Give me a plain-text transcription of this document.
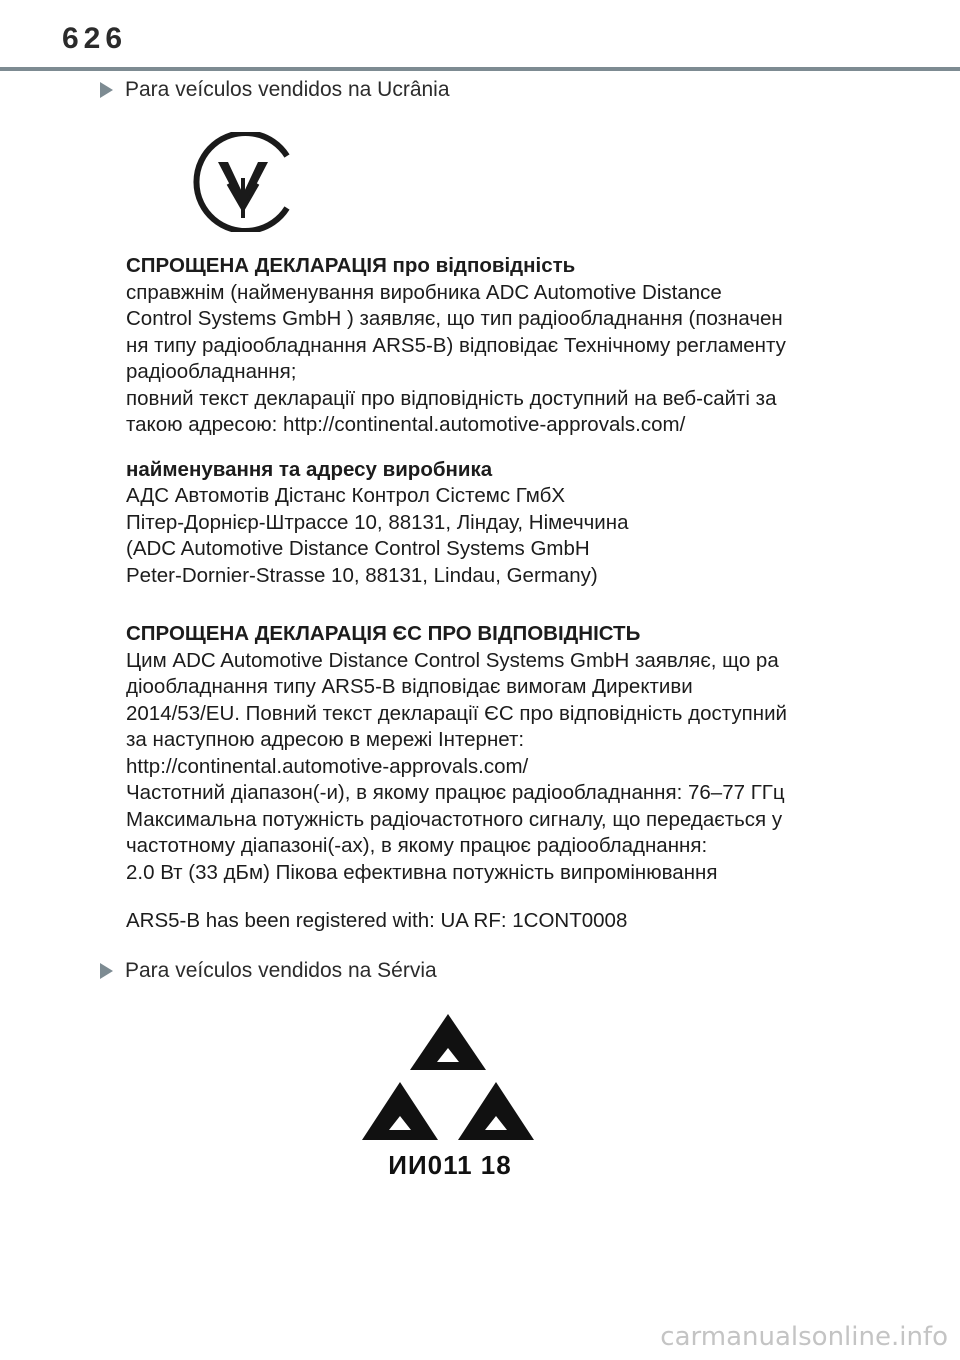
626
Para veículos vendidos na Ucrânia
СПРОЩЕНА ДЕКЛАРАЦІЯ про відповідність
справжнім (найменування виробника ADC Automotive Distance
Control Systems GmbH ) заявляє, що тип радіообладнання (позначен
ня типу радіообладнання ARS5-B) відповідає Технічному регламенту
радіообладнання;
повний текст декларації про відповідність доступний на веб-сайті за
такою адресою: http://continental.automotive-approvals.com/
найменування та адресу виробника
АДС Автомотів Дістанс Контрол Сістемс ГмбХ
Пітер-Дорнієр-Штрассе 10, 88131, Ліндау, Німеччина
(ADC Automotive Distance Control Systems GmbH
Peter-Dornier-Strasse 10, 88131, Lindau, Germany)
СПРОЩЕНА ДЕКЛАРАЦІЯ ЄС ПРО ВІДПОВІДНІСТЬ
Цим ADC Automotive Distance Control Systems GmbH заявляє, що ра
діообладнання типу ARS5-B відповідає вимогам Директиви
2014/53/EU. Повний текст декларації ЄС про відповідність доступний
за наступною адресою в мережі Інтернет:
http://continental.automotive-approvals.com/
Частотний діапазон(-и), в якому працює радіообладнання: 76–77 ГГц
Максимальна потужність радіочастотного сигналу, що передається у
частотному діапазоні(-ах), в якому працює радіообладнання:
2.0 Вт (33 дБм) Пікова ефективна потужність випромінювання
ARS5-B has been registered with: UA RF: 1CONT0008
Para veículos vendidos na Sérvia
ИИ011 18
carmanualsonline.info
